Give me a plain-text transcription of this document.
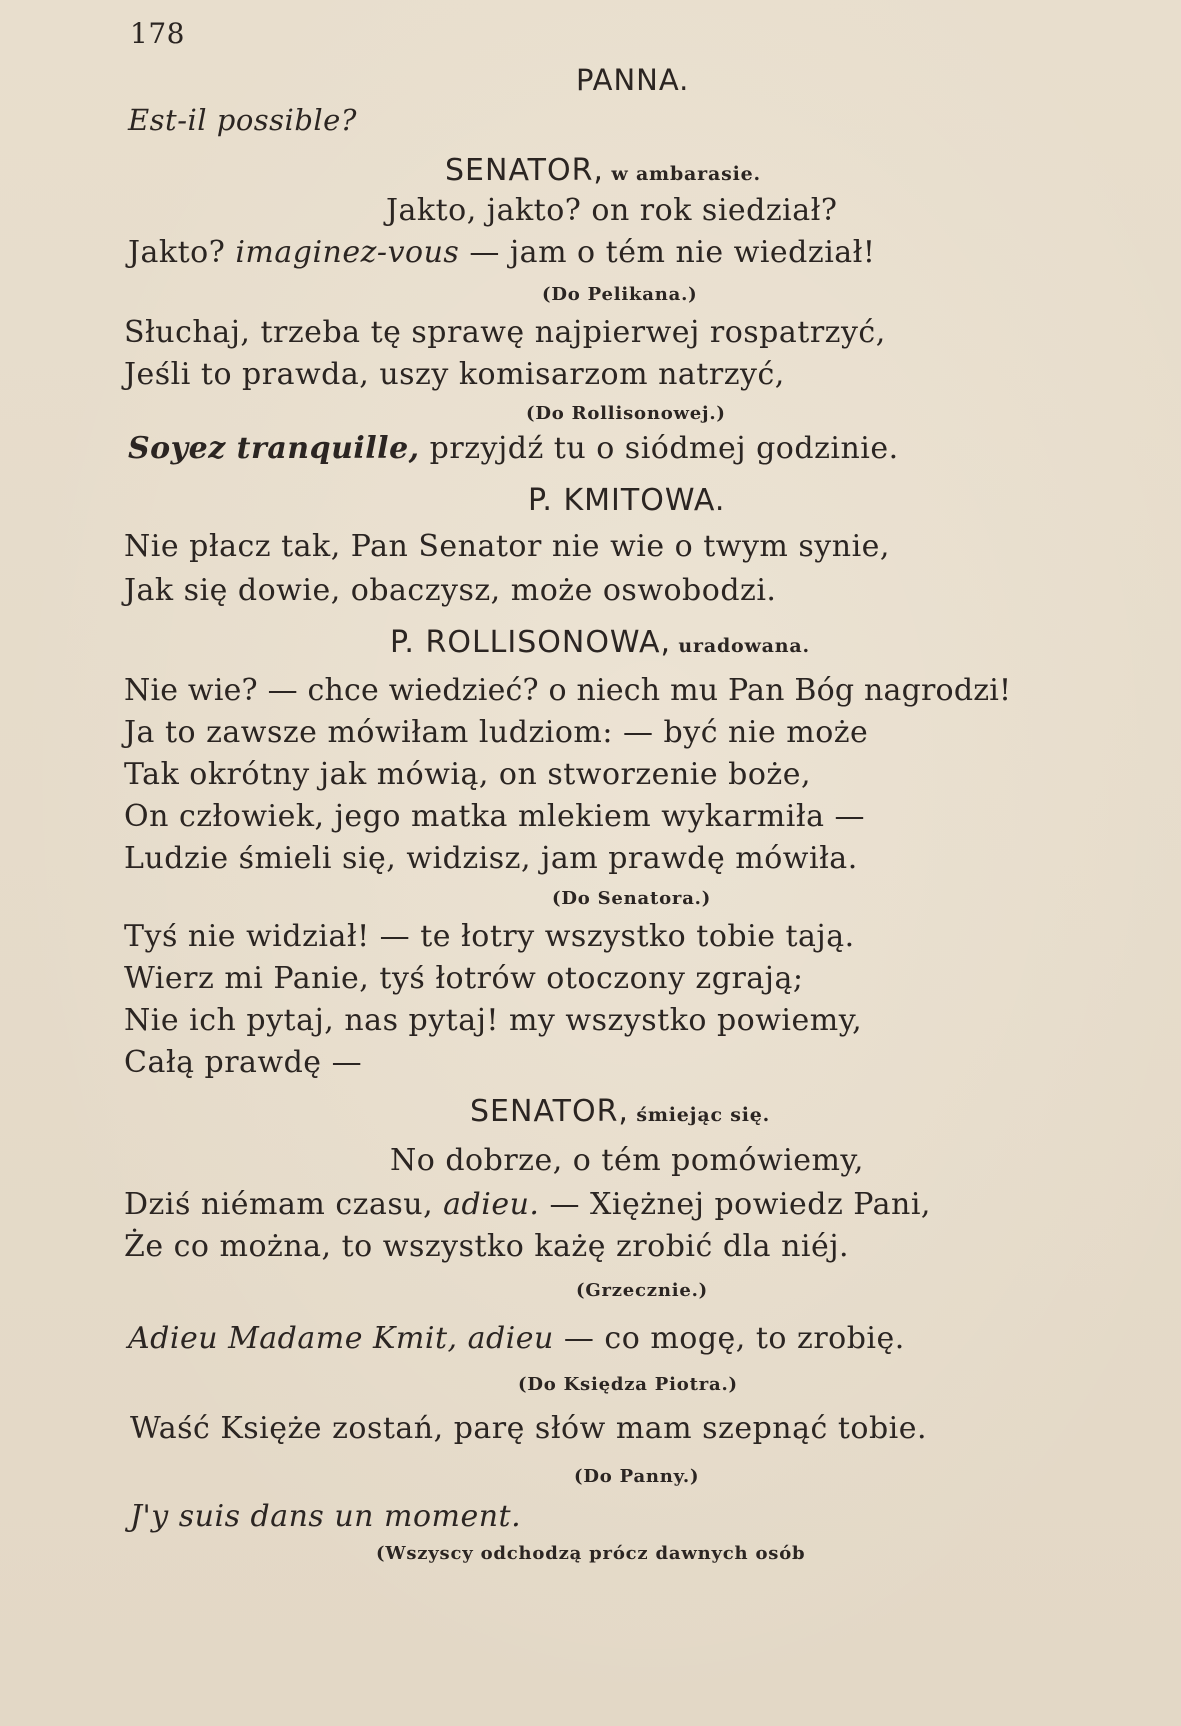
178
PANNA.
Est-il possible?
SENATOR, w ambarasie.
Jakto, jakto? on rok siedział?
Jakto? imaginez-vous — jam o tém nie wiedział!
(Do Pelikana.)
Słuchaj, trzeba tę sprawę najpierwej rospatrzyć,
Jeśli to prawda, uszy komisarzom natrzyć,
(Do Rollisonowej.)
Soyez tranquille, przyjdź tu o siódmej godzinie.
P. KMITOWA.
Nie płacz tak, Pan Senator nie wie o twym synie,
Jak się dowie, obaczysz, może oswobodzi.
P. ROLLISONOWA, uradowana.
Nie wie? — chce wiedzieć? o niech mu Pan Bóg nagrodzi!
Ja to zawsze mówiłam ludziom: — być nie może
Tak okrótny jak mówią, on stworzenie boże,
On człowiek, jego matka mlekiem wykarmiła —
Ludzie śmieli się, widzisz, jam prawdę mówiła.
(Do Senatora.)
Tyś nie widział! — te łotry wszystko tobie tają.
Wierz mi Panie, tyś łotrów otoczony zgrają;
Nie ich pytaj, nas pytaj! my wszystko powiemy,
Całą prawdę —
SENATOR, śmiejąc się.
No dobrze, o tém pomówiemy,
Dziś niémam czasu, adieu. — Xiężnej powiedz Pani,
Że co można, to wszystko każę zrobić dla niéj.
(Grzecznie.)
Adieu Madame Kmit, adieu — co mogę, to zrobię.
(Do Księdza Piotra.)
Waść Księże zostań, parę słów mam szepnąć tobie.
(Do Panny.)
J'y suis dans un moment.
(Wszyscy odchodzą prócz dawnych osób
